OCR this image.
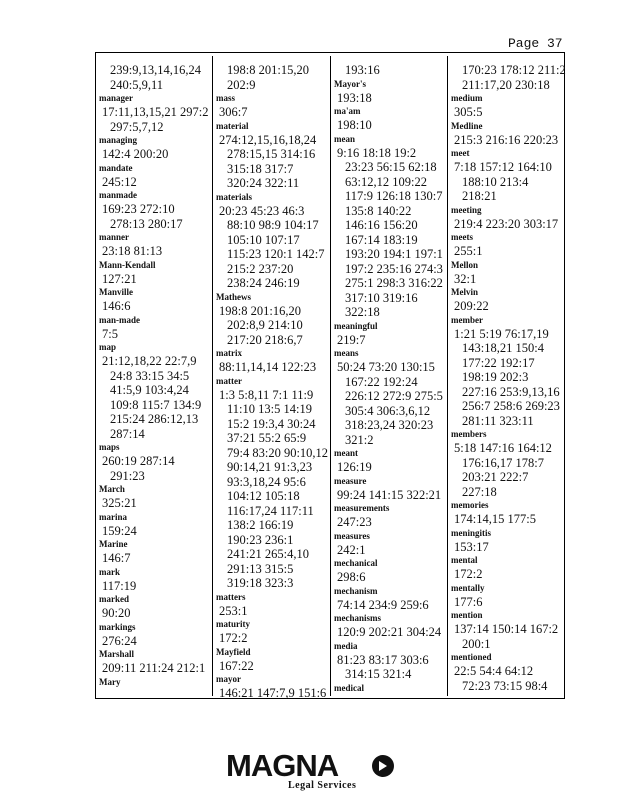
Page 37
239:9,13,14,16,24
240:5,9,11
manager
17:11,13,15,21 297:2
297:5,7,12
managing
142:4 200:20
mandate
245:12
manmade
169:23 272:10
278:13 280:17
manner
23:18 81:13
Mann-Kendall
127:21
Manville
146:6
man-made
7:5
map
21:12,18,22 22:7,9
24:8 33:15 34:5
41:5,9 103:4,24
109:8 115:7 134:9
215:24 286:12,13
287:14
maps
260:19 287:14
291:23
March
325:21
marina
159:24
Marine
146:7
mark
117:19
marked
90:20
markings
276:24
Marshall
209:11 211:24 212:1
Mary
198:8 201:15,20
202:9
mass
306:7
material
274:12,15,16,18,24
278:15,15 314:16
315:18 317:7
320:24 322:11
materials
20:23 45:23 46:3
88:10 98:9 104:17
105:10 107:17
115:23 120:1 142:7
215:2 237:20
238:24 246:19
Mathews
198:8 201:16,20
202:8,9 214:10
217:20 218:6,7
matrix
88:11,14,14 122:23
matter
1:3 5:8,11 7:1 11:9
11:10 13:5 14:19
15:2 19:3,4 30:24
37:21 55:2 65:9
79:4 83:20 90:10,12
90:14,21 91:3,23
93:3,18,24 95:6
104:12 105:18
116:17,24 117:11
138:2 166:19
190:23 236:1
241:21 265:4,10
291:13 315:5
319:18 323:3
matters
253:1
maturity
172:2
Mayfield
167:22
mayor
146:21 147:7,9 151:6
193:16
Mayor's
193:18
ma'am
198:10
mean
9:16 18:18 19:2
23:23 56:15 62:18
63:12,12 109:22
117:9 126:18 130:7
135:8 140:22
146:16 156:20
167:14 183:19
193:20 194:1 197:1
197:2 235:16 274:3
275:1 298:3 316:22
317:10 319:16
322:18
meaningful
219:7
means
50:24 73:20 130:15
167:22 192:24
226:12 272:9 275:5
305:4 306:3,6,12
318:23,24 320:23
321:2
meant
126:19
measure
99:24 141:15 322:21
measurements
247:23
measures
242:1
mechanical
298:6
mechanism
74:14 234:9 259:6
mechanisms
120:9 202:21 304:24
media
81:23 83:17 303:6
314:15 321:4
medical
170:23 178:12 211:2
211:17,20 230:18
medium
305:5
Medline
215:3 216:16 220:23
meet
7:18 157:12 164:10
188:10 213:4
218:21
meeting
219:4 223:20 303:17
meets
255:1
Mellon
32:1
Melvin
209:22
member
1:21 5:19 76:17,19
143:18,21 150:4
177:22 192:17
198:19 202:3
227:16 253:9,13,16
256:7 258:6 269:23
281:11 323:11
members
5:18 147:16 164:12
176:16,17 178:7
203:21 222:7
227:18
memories
174:14,15 177:5
meningitis
153:17
mental
172:2
mentally
177:6
mention
137:14 150:14 167:2
200:1
mentioned
22:5 54:4 64:12
72:23 73:15 98:4
MAGNA
Legal Services
